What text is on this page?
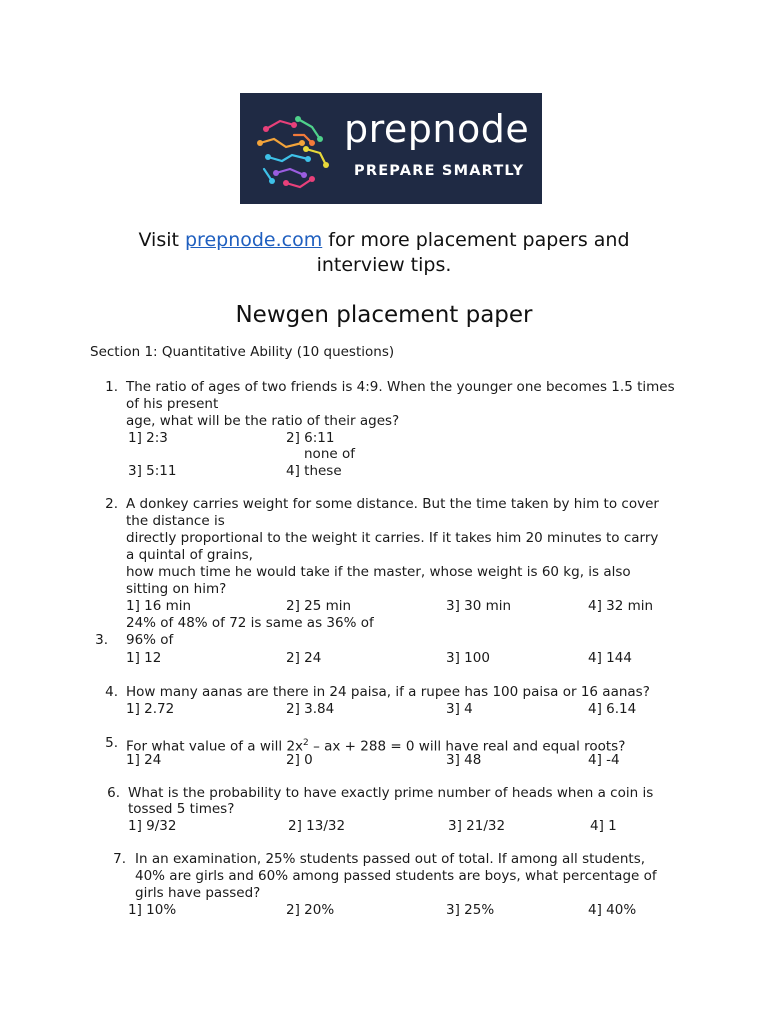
prepnode
PREPARE SMARTLY
Visit prepnode.com for more placement papers and
interview tips.
Newgen placement paper
Section 1: Quantitative Ability (10 questions)
1. The ratio of ages of two friends is 4:9. When the younger one becomes 1.5 times
of his present
age, what will be the ratio of their ages?
1] 2:3	2] 6:11
none of
3] 5:11	4] these
2. A donkey carries weight for some distance. But the time taken by him to cover
the distance is
directly proportional to the weight it carries. If it takes him 20 minutes to carry
a quintal of grains,
how much time he would take if the master, whose weight is 60 kg, is also
sitting on him?
1] 16 min	2] 25 min	3] 30 min	4] 32 min
24% of 48% of 72 is same as 36% of
3. 96% of
1] 12	2] 24	3] 100	4] 144
4. How many aanas are there in 24 paisa, if a rupee has 100 paisa or 16 aanas?
1] 2.72	2] 3.84	3] 4	4] 6.14
5. For what value of a will $2x^2$ – ax + 288 = 0 will have real and equal roots?
1] 24	2] 0	3] 48	4] -4
6. What is the probability to have exactly prime number of heads when a coin is
tossed 5 times?
1] 9/32	2] 13/32	3] 21/32	4] 1
7. In an examination, 25% students passed out of total. If among all students,
40% are girls and 60% among passed students are boys, what percentage of
girls have passed?
1] 10%	2] 20%	3] 25%	4] 40%
